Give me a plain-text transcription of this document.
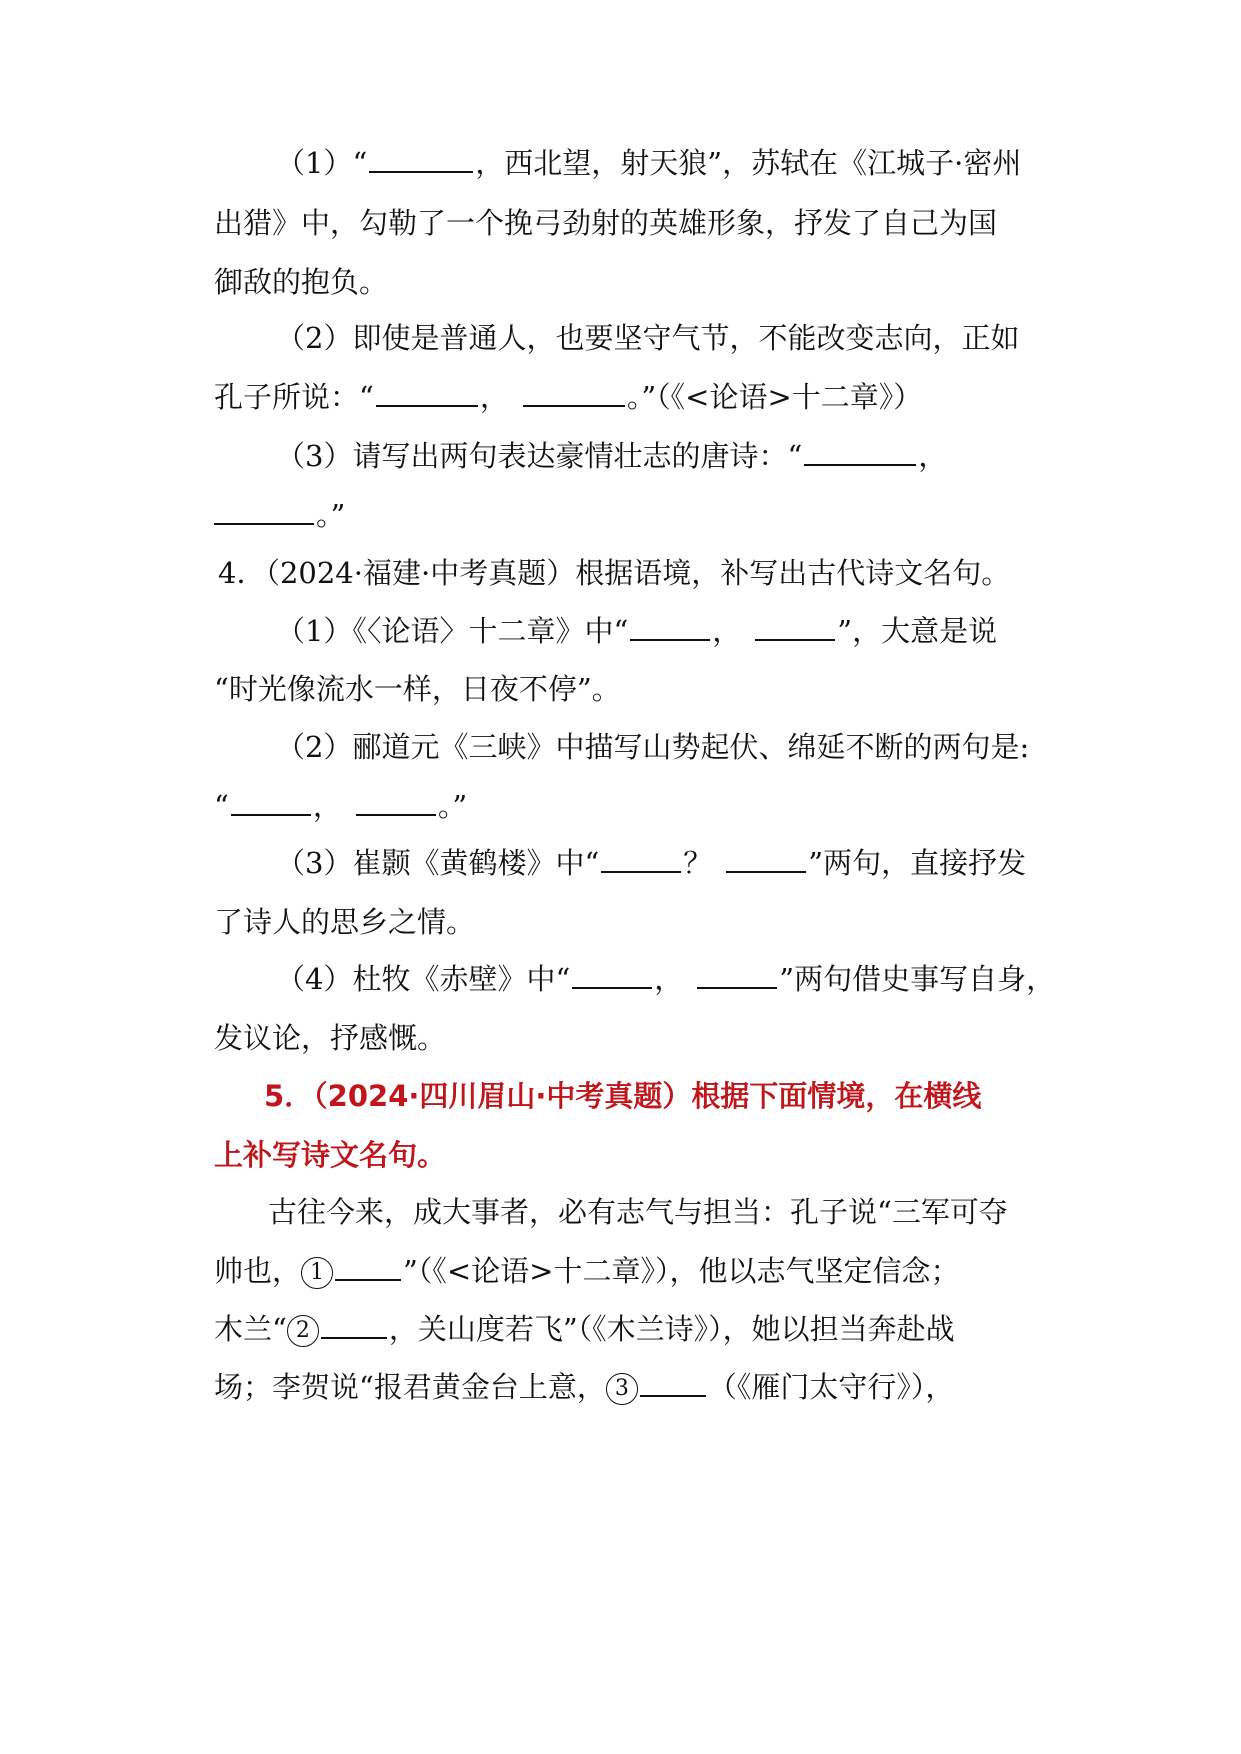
（1）“	，西北望，射天狼”，苏轼在《江城子·密州
出猎》中，勾勒了一个挽弓劲射的英雄形象，抒发了自己为国
御敌的抱负。
（2）即使是普通人，也要坚守气节，不能改变志向，正如
孔子所说：“	，	。”（《<论语>十二章》）
（3）请写出两句表达豪情壮志的唐诗：“	，
。”
4．（2024·福建·中考真题）根据语境，补写出古代诗文名句。
（1）《〈论语〉十二章》中“	，	”，大意是说
“时光像流水一样，日夜不停”。
（2）郦道元《三峡》中描写山势起伏、绵延不断的两句是:
“	，	。”
（3）崔颢《黄鹤楼》中“	？	”两句，直接抒发
了诗人的思乡之情。
（4）杜牧《赤壁》中“	，	”两句借史事写自身，
发议论，抒感慨。
5．（2024·四川眉山·中考真题）根据下面情境，在横线
上补写诗文名句。
古往今来，成大事者，必有志气与担当：孔子说“三军可夺
帅也， 1	”（《<论语>十二章》），他以志气坚定信念；
木兰“ 2	，关山度若飞”（《木兰诗》），她以担当奔赴战
场；李贺说“报君黄金台上意， 3	（《雁门太守行》），
